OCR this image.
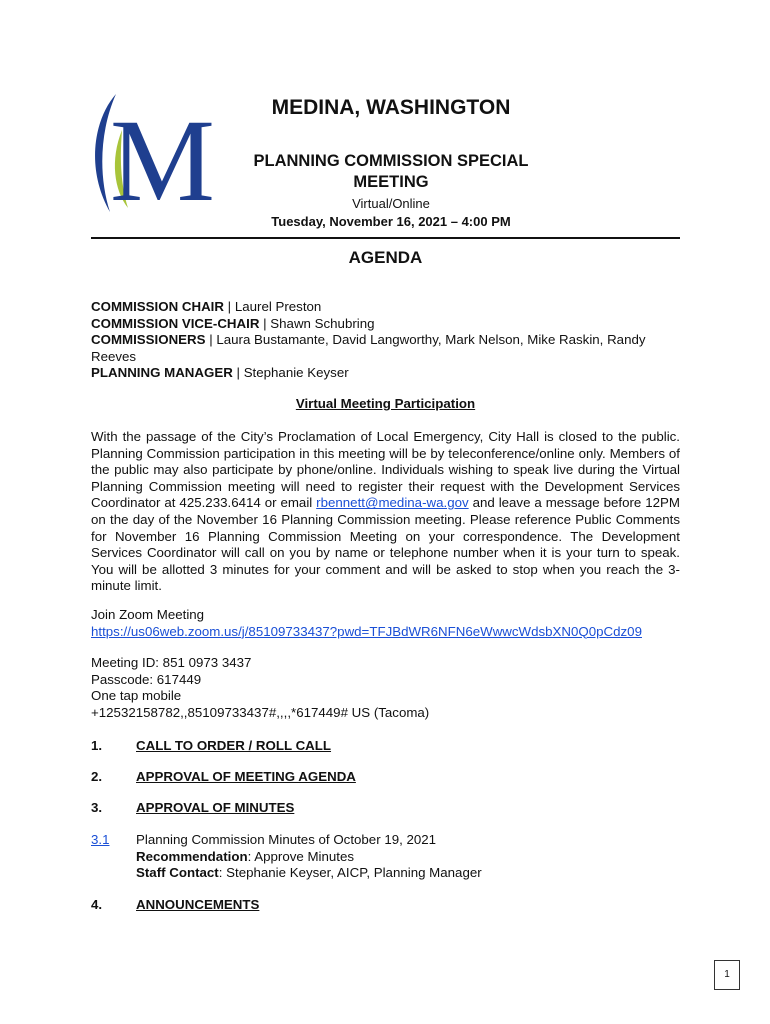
M	MEDINA, WASHINGTON
PLANNING COMMISSION SPECIAL
MEETING
Virtual/Online
Tuesday, November 16, 2021 – 4:00 PM
AGENDA
COMMISSION CHAIR | Laurel Preston
COMMISSION VICE-CHAIR | Shawn Schubring
COMMISSIONERS | Laura Bustamante, David Langworthy, Mark Nelson, Mike Raskin, Randy Reeves
PLANNING MANAGER | Stephanie Keyser
Virtual Meeting Participation
With the passage of the City’s Proclamation of Local Emergency, City Hall is closed to the public. Planning Commission participation in this meeting will be by teleconference/online only. Members of the public may also participate by phone/online. Individuals wishing to speak live during the Virtual Planning Commission meeting will need to register their request with the Development Services Coordinator at 425.233.6414 or email rbennett@medina-wa.gov and leave a message before 12PM on the day of the November 16 Planning Commission meeting. Please reference Public Comments for November 16 Planning Commission Meeting on your correspondence. The Development Services Coordinator will call on you by name or telephone number when it is your turn to speak. You will be allotted 3 minutes for your comment and will be asked to stop when you reach the 3-minute limit.
Join Zoom Meeting
https://us06web.zoom.us/j/85109733437?pwd=TFJBdWR6NFN6eWwwcWdsbXN0Q0pCdz09
Meeting ID: 851 0973 3437
Passcode: 617449
One tap mobile
+12532158782,,85109733437#,,,,*617449# US (Tacoma)
1.	CALL TO ORDER / ROLL CALL
2.	APPROVAL OF MEETING AGENDA
3.	APPROVAL OF MINUTES
3.1 Planning Commission Minutes of October 19, 2021
Recommendation: Approve Minutes
Staff Contact: Stephanie Keyser, AICP, Planning Manager
4.	ANNOUNCEMENTS
1
